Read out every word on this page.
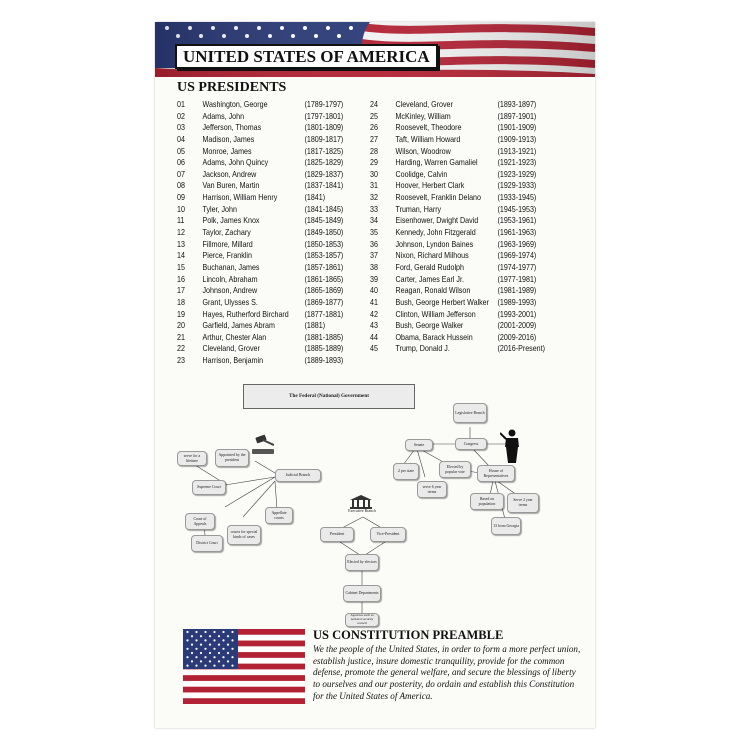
UNITED STATES OF AMERICA
US PRESIDENTS
01 Washington, George	(1789-1797)
02 Adams, John	(1797-1801)
03 Jefferson, Thomas	(1801-1809)
04 Madison, James	(1809-1817)
05 Monroe, James	(1817-1825)
06 Adams, John Quincy	(1825-1829)
07 Jackson, Andrew	(1829-1837)
08 Van Buren, Martin	(1837-1841)
09 Harrison, William Henry	(1841)
10 Tyler, John	(1841-1845)
11 Polk, James Knox	(1845-1849)
12 Taylor, Zachary	(1849-1850)
13 Fillmore, Millard	(1850-1853)
14 Pierce, Franklin	(1853-1857)
15 Buchanan, James	(1857-1861)
16 Lincoln, Abraham	(1861-1865)
17 Johnson, Andrew	(1865-1869)
18 Grant, Ulysses S.	(1869-1877)
19 Hayes, Rutherford Birchard (1877-1881)
20 Garfield, James Abram	(1881)
21 Arthur, Chester Alan	(1881-1885)
22 Cleveland, Grover	(1885-1889)
23 Harrison, Benjamin	(1889-1893)
24 Cleveland, Grover	(1893-1897)
25 McKinley, William	(1897-1901)
26 Roosevelt, Theodore	(1901-1909)
27 Taft, William Howard	(1909-1913)
28 Wilson, Woodrow	(1913-1921)
29 Harding, Warren Gamaliel (1921-1923)
30 Coolidge, Calvin	(1923-1929)
31 Hoover, Herbert Clark	(1929-1933)
32 Roosevelt, Franklin Delano (1933-1945)
33 Truman, Harry	(1945-1953)
34 Eisenhower, Dwight David (1953-1961)
35 Kennedy, John Fitzgerald	(1961-1963)
36 Johnson, Lyndon Baines	(1963-1969)
37 Nixon, Richard Milhous	(1969-1974)
38 Ford, Gerald Rudolph	(1974-1977)
39 Carter, James Earl Jr.	(1977-1981)
40 Reagan, Ronald Wilson	(1981-1989)
41 Bush, George Herbert Walker (1989-1993)
42 Clinton, William Jefferson	(1993-2001)
43 Bush, George Walker	(2001-2009)
44 Obama, Barack Hussein	(2009-2016)
45 Trump, Donald J.	(2016-Present)
The Federal (National) Government
Judicial Branch
serve for a lifetime
Appointed by the president
Supreme Court
Court of Appeals
courts for special kinds of cases
Appellate courts
District Court
Executive Branch
President	Vice-President
Elected by electors
Cabinet Departments
Agencies such as national security council
Legislative Branch
Congress
Senate
2 per state
serve 6 year terms
Elected by popular vote	House of Representatives
Based on population
Serve 2 year terms
13 from Georgia
US CONSTITUTION PREAMBLE
We the people of the United States, in order to form a more perfect union, establish justice, insure domestic tranquility, provide for the common defense, promote the general welfare, and secure the blessings of liberty to ourselves and our posterity, do ordain and establish this Constitution for the United States of America.
